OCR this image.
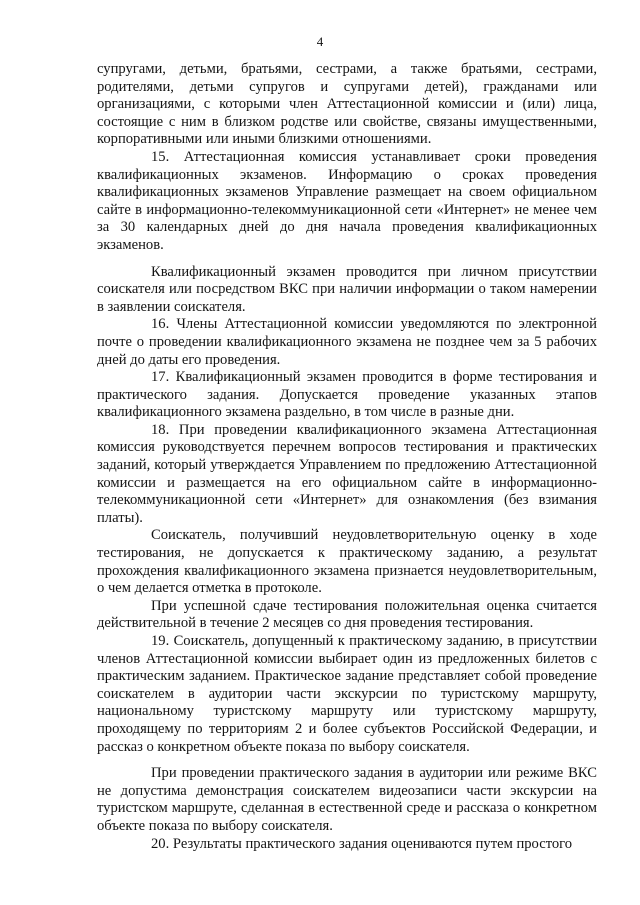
4

супругами, детьми, братьями, сестрами, а также братьями, сестрами, родителями, детьми супругов и супругами детей), гражданами или организациями, с которыми член Аттестационной комиссии и (или) лица, состоящие с ним в близком родстве или свойстве, связаны имущественными, корпоративными или иными близкими отношениями.

15. Аттестационная комиссия устанавливает сроки проведения квалификационных экзаменов. Информацию о сроках проведения квалификационных экзаменов Управление размещает на своем официальном сайте в информационно-телекоммуникационной сети «Интернет» не менее чем за 30 календарных дней до дня начала проведения квалификационных экзаменов.

Квалификационный экзамен проводится при личном присутствии соискателя или посредством ВКС при наличии информации о таком намерении в заявлении соискателя.

16. Члены Аттестационной комиссии уведомляются по электронной почте о проведении квалификационного экзамена не позднее чем за 5 рабочих дней до даты его проведения.

17. Квалификационный экзамен проводится в форме тестирования и практического задания. Допускается проведение указанных этапов квалификационного экзамена раздельно, в том числе в разные дни.

18. При проведении квалификационного экзамена Аттестационная комиссия руководствуется перечнем вопросов тестирования и практических заданий, который утверждается Управлением по предложению Аттестационной комиссии и размещается на его официальном сайте в информационно-телекоммуникационной сети «Интернет» для ознакомления (без взимания платы).

Соискатель, получивший неудовлетворительную оценку в ходе тестирования, не допускается к практическому заданию, а результат прохождения квалификационного экзамена признается неудовлетворительным, о чем делается отметка в протоколе.

При успешной сдаче тестирования положительная оценка считается действительной в течение 2 месяцев со дня проведения тестирования.

19. Соискатель, допущенный к практическому заданию, в присутствии членов Аттестационной комиссии выбирает один из предложенных билетов с практическим заданием. Практическое задание представляет собой проведение соискателем в аудитории части экскурсии по туристскому маршруту, национальному туристскому маршруту или туристскому маршруту, проходящему по территориям 2 и более субъектов Российской Федерации, и рассказ о конкретном объекте показа по выбору соискателя.

При проведении практического задания в аудитории или режиме ВКС не допустима демонстрация соискателем видеозаписи части экскурсии на туристском маршруте, сделанная в естественной среде и рассказа о конкретном объекте показа по выбору соискателя.

20. Результаты практического задания оцениваются путем простого
